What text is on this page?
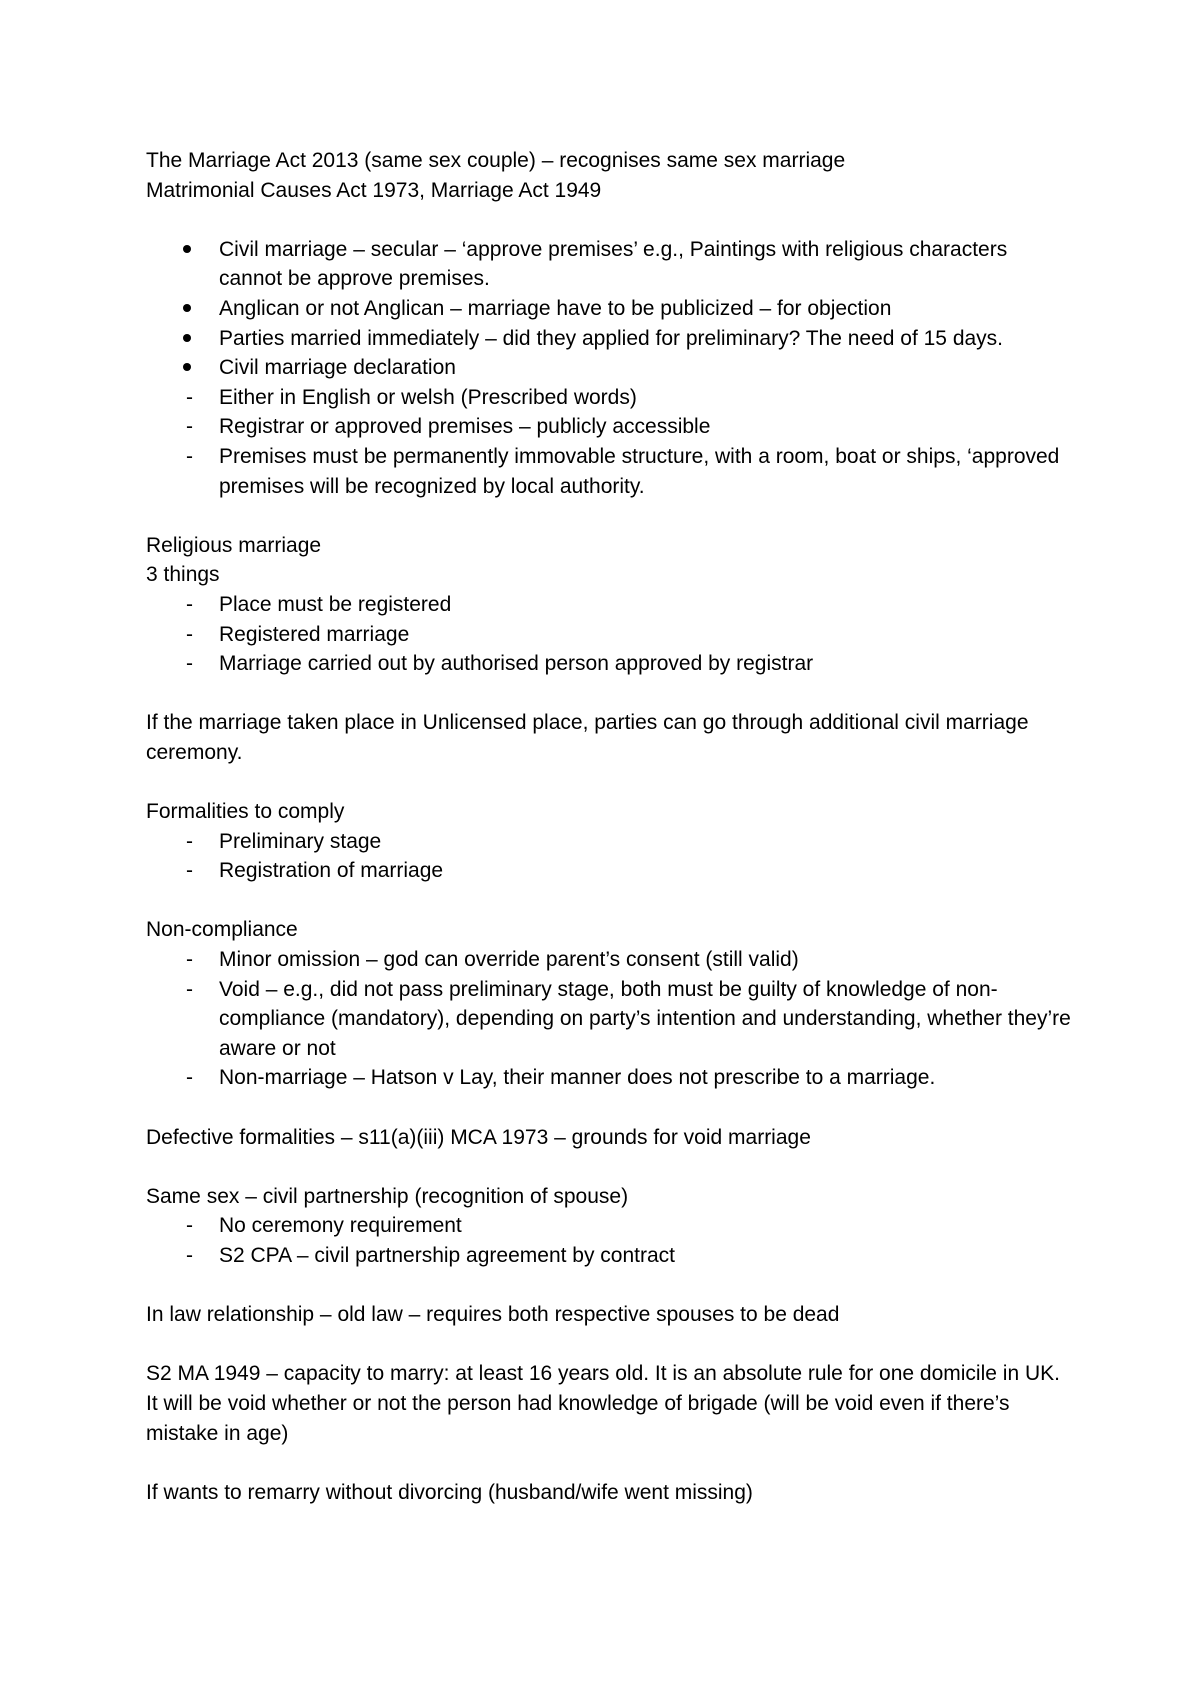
The Marriage Act 2013 (same sex couple) – recognises same sex marriage

Matrimonial Causes Act 1973, Marriage Act 1949

Civil marriage – secular – ‘approve premises’ e.g., Paintings with religious characters cannot be approve premises.
Anglican or not Anglican – marriage have to be publicized – for objection
Parties married immediately – did they applied for preliminary? The need of 15 days.
Civil marriage declaration
- Either in English or welsh (Prescribed words)
- Registrar or approved premises – publicly accessible
- Premises must be permanently immovable structure, with a room, boat or ships, ‘approved premises will be recognized by local authority.

Religious marriage

3 things

- Place must be registered
- Registered marriage
- Marriage carried out by authorised person approved by registrar

If the marriage taken place in Unlicensed place, parties can go through additional civil marriage ceremony.

Formalities to comply

- Preliminary stage
- Registration of marriage

Non-compliance

- Minor omission – god can override parent’s consent (still valid)
- Void – e.g., did not pass preliminary stage, both must be guilty of knowledge of non-compliance (mandatory), depending on party’s intention and understanding, whether they’re aware or not
- Non-marriage – Hatson v Lay, their manner does not prescribe to a marriage.

Defective formalities – s11(a)(iii) MCA 1973 – grounds for void marriage

Same sex – civil partnership (recognition of spouse)

- No ceremony requirement
- S2 CPA – civil partnership agreement by contract

In law relationship – old law – requires both respective spouses to be dead

S2 MA 1949 – capacity to marry: at least 16 years old. It is an absolute rule for one domicile in UK. It will be void whether or not the person had knowledge of brigade (will be void even if there’s mistake in age)

If wants to remarry without divorcing (husband/wife went missing)
